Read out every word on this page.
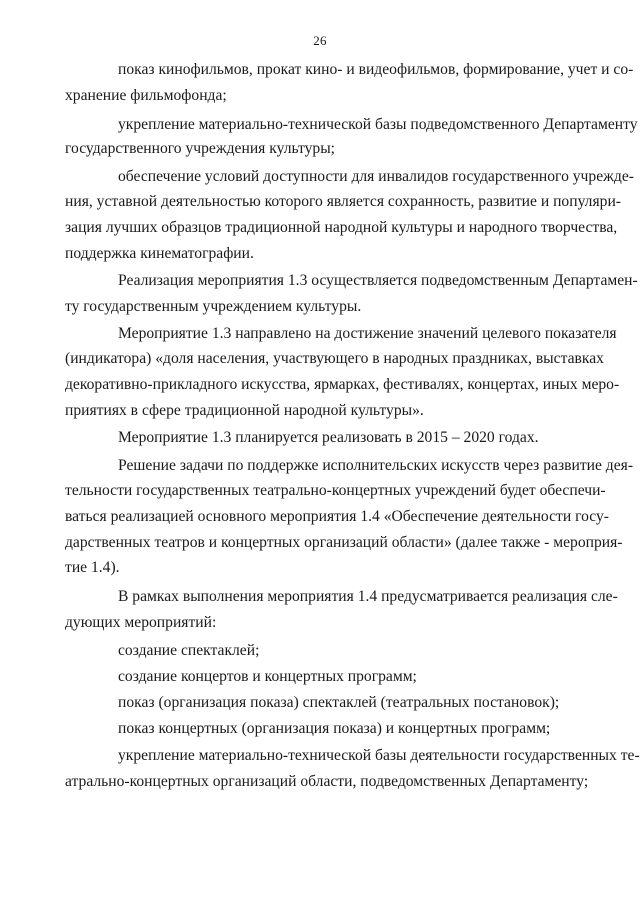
26
показ кинофильмов, прокат кино- и видеофильмов, формирование, учет и со-
хранение фильмофонда;
укрепление материально-технической базы подведомственного Департаменту
государственного учреждения культуры;
обеспечение условий доступности для инвалидов государственного учрежде-
ния, уставной деятельностью которого является сохранность, развитие и популяри-
зация лучших образцов традиционной народной культуры и народного творчества,
поддержка кинематографии.
Реализация мероприятия 1.3 осуществляется подведомственным Департамен-
ту государственным учреждением культуры.
Мероприятие 1.3 направлено на достижение значений целевого показателя
(индикатора) «доля населения, участвующего в народных праздниках, выставках
декоративно-прикладного искусства, ярмарках, фестивалях, концертах, иных меро-
приятиях в сфере традиционной народной культуры».
Мероприятие 1.3 планируется реализовать в 2015 – 2020 годах.
Решение задачи по поддержке исполнительских искусств через развитие дея-
тельности государственных театрально-концертных учреждений будет обеспечи-
ваться реализацией основного мероприятия 1.4 «Обеспечение деятельности госу-
дарственных театров и концертных организаций области» (далее также - мероприя-
тие 1.4).
В рамках выполнения мероприятия 1.4 предусматривается реализация сле-
дующих мероприятий:
создание спектаклей;
создание концертов и концертных программ;
показ (организация показа) спектаклей (театральных постановок);
показ концертных (организация показа) и концертных программ;
укрепление материально-технической базы деятельности государственных те-
атрально-концертных организаций области, подведомственных Департаменту;
